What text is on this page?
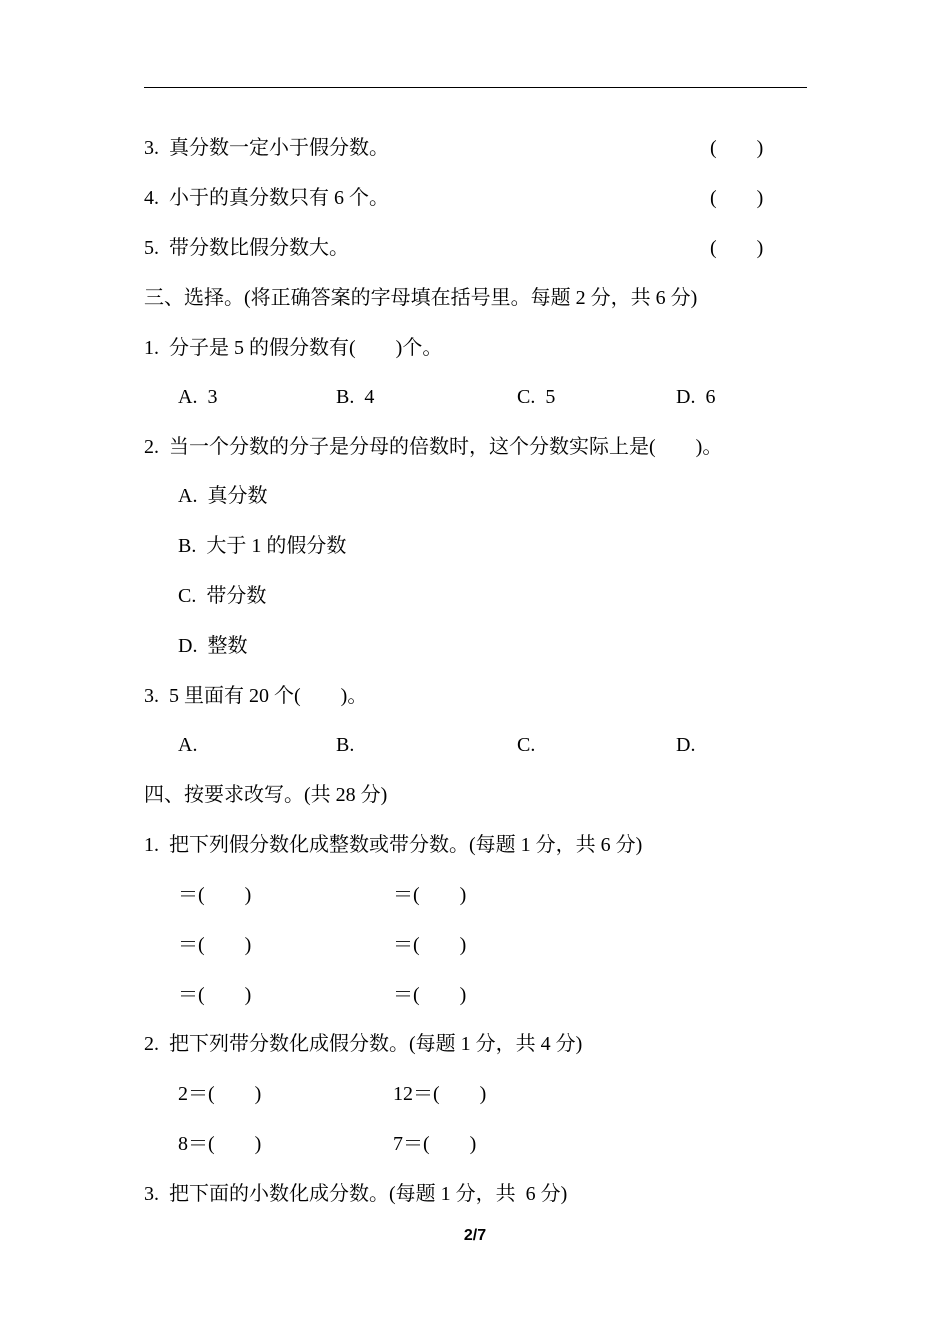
3.  真分数一定小于假分数。	(        )
4.  小于的真分数只有 6 个。	(        )
5.  带分数比假分数大。	(        )
三、选择。(将正确答案的字母填在括号里。每题 2 分，共 6 分)
1.  分子是 5 的假分数有(        )个。
A.  3	B.  4	C.  5	D.  6
2.  当一个分数的分子是分母的倍数时，这个分数实际上是(        )。
A.  真分数
B.  大于 1 的假分数
C.  带分数
D.  整数
3.  5 里面有 20 个(        )。
A.	B.	C.	D.
四、按要求改写。(共 28 分)
1.  把下列假分数化成整数或带分数。(每题 1 分，共 6 分)
＝(        )	＝(        )
＝(        )	＝(        )
＝(        )	＝(        )
2.  把下列带分数化成假分数。(每题 1 分，共 4 分)
2＝(        )	12＝(        )
8＝(        )	7＝(        )
3.  把下面的小数化成分数。(每题 1 分，共  6 分)
2/7
